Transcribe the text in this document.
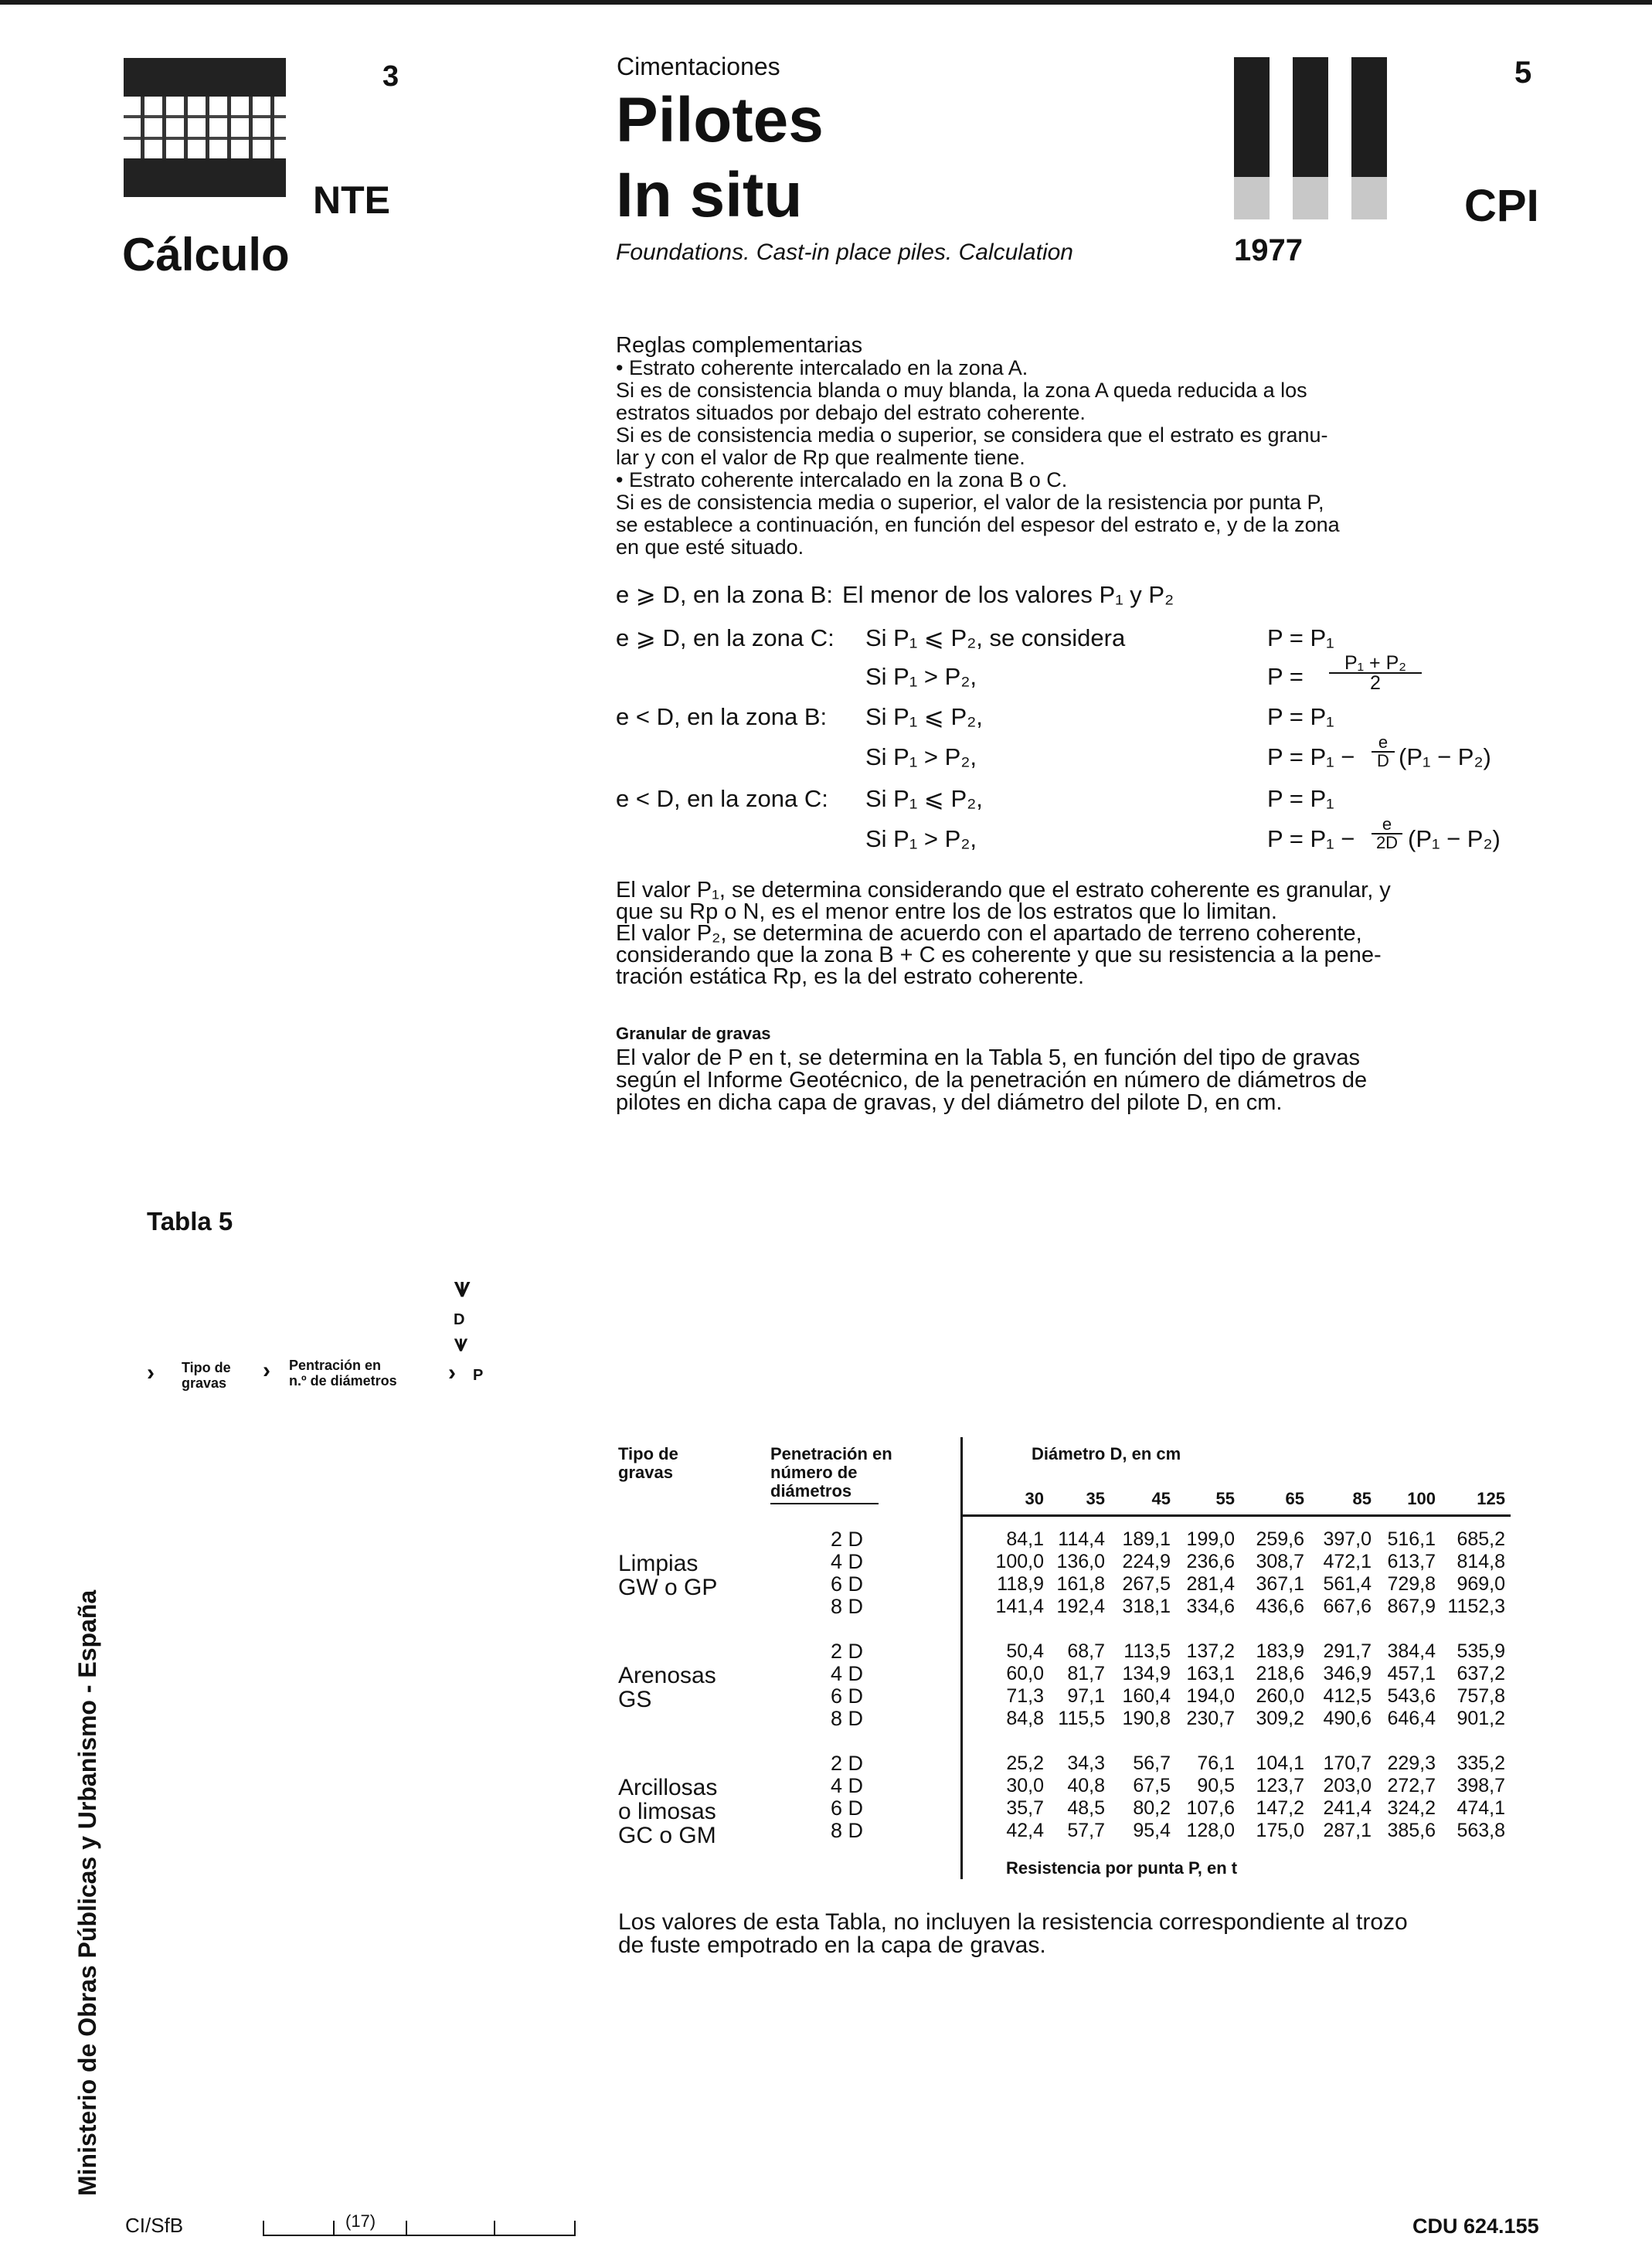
3
NTE
Cálculo
Cimentaciones
Pilotes
In situ
Foundations. Cast-in place piles. Calculation	1977
5
CPI
Reglas complementarias
• Estrato coherente intercalado en la zona A.
Si es de consistencia blanda o muy blanda, la zona A queda reducida a los
estratos situados por debajo del estrato coherente.
Si es de consistencia media o superior, se considera que el estrato es granu-
lar y con el valor de Rp que realmente tiene.
• Estrato coherente intercalado en la zona B o C.
Si es de consistencia media o superior, el valor de la resistencia por punta P,
se establece a continuación, en función del espesor del estrato e, y de la zona
en que esté situado.
e ⩾ D, en la zona B: El menor de los valores P₁ y P₂
e ⩾ D, en la zona C: Si P₁ ⩽ P₂, se considera	P = P₁
Si P₁ > P₂,	P =	P₁ + P₂
2
e < D, en la zona B: Si P₁ ⩽ P₂,	P = P₁
Si P₁ > P₂,	P = P₁ −
e
D (P₁ − P₂)
e < D, en la zona C: Si P₁ ⩽ P₂,	P = P₁
Si P₁ > P₂,	P = P₁ −
e
2D (P₁ − P₂)
El valor P₁, se determina considerando que el estrato coherente es granular, y
que su Rp o N, es el menor entre los de los estratos que lo limitan.
El valor P₂, se determina de acuerdo con el apartado de terreno coherente,
considerando que la zona B + C es coherente y que su resistencia a la pene-
tración estática Rp, es la del estrato coherente.
Granular de gravas
El valor de P en t, se determina en la Tabla 5, en función del tipo de gravas
según el Informe Geotécnico, de la penetración en número de diámetros de
pilotes en dicha capa de gravas, y del diámetro del pilote D, en cm.
Tabla 5
⩛
D
⩛
› Tipo de
gravas › Pentración en
n.º de diámetros › P
Tipo de
gravas
Penetración en
número de
diámetros
Diámetro D, en cm
30	35	45	55	65	85	100	125
Limpias
GW o GP
2 D	84,1 114,4 189,1 199,0	259,6 397,0 516,1	685,2
4 D	100,0 136,0 224,9 236,6	308,7 472,1 613,7	814,8
6 D	118,9 161,8 267,5 281,4	367,1 561,4 729,8	969,0
8 D	141,4 192,4 318,1 334,6	436,6 667,6 867,9 1152,3
Arenosas
GS
2 D	50,4	68,7 113,5 137,2	183,9 291,7 384,4	535,9
4 D	60,0	81,7 134,9 163,1	218,6 346,9 457,1	637,2
6 D	71,3	97,1 160,4 194,0	260,0 412,5 543,6	757,8
8 D	84,8 115,5 190,8 230,7	309,2 490,6 646,4	901,2
Arcillosas
o limosas
GC o GM
2 D	25,2	34,3	56,7	76,1	104,1 170,7 229,3	335,2
4 D	30,0	40,8	67,5	90,5	123,7 203,0 272,7	398,7
6 D	35,7	48,5	80,2 107,6	147,2 241,4 324,2	474,1
8 D	42,4	57,7	95,4 128,0	175,0 287,1 385,6	563,8
Resistencia por punta P, en t
Los valores de esta Tabla, no incluyen la resistencia correspondiente al trozo
de fuste empotrado en la capa de gravas.
Ministerio de Obras Públicas y Urbanismo - España
CI/SfB	(17)	CDU 624.155
